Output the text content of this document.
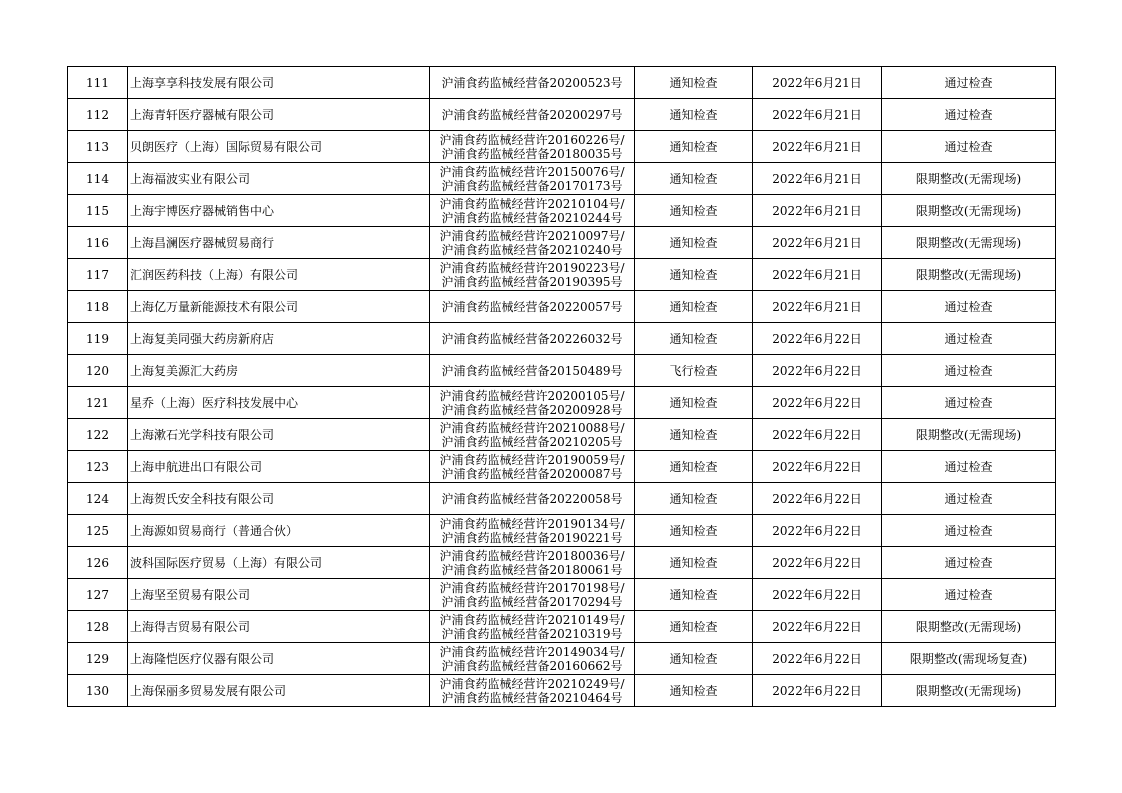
111	上海享享科技发展有限公司	沪浦食药监械经营备20200523号	通知检查	2022年6月21日	通过检查
112	上海青轩医疗器械有限公司	沪浦食药监械经营备20200297号	通知检查	2022年6月21日	通过检查
113	贝朗医疗（上海）国际贸易有限公司	沪浦食药监械经营许20160226号/
沪浦食药监械经营备20180035号	通知检查	2022年6月21日	通过检查
114	上海福波实业有限公司	沪浦食药监械经营许20150076号/
沪浦食药监械经营备20170173号	通知检查	2022年6月21日	限期整改(无需现场)
115	上海宇博医疗器械销售中心	沪浦食药监械经营许20210104号/
沪浦食药监械经营备20210244号	通知检查	2022年6月21日	限期整改(无需现场)
116	上海昌澜医疗器械贸易商行	沪浦食药监械经营许20210097号/
沪浦食药监械经营备20210240号	通知检查	2022年6月21日	限期整改(无需现场)
117	汇润医药科技（上海）有限公司	沪浦食药监械经营许20190223号/
沪浦食药监械经营备20190395号	通知检查	2022年6月21日	限期整改(无需现场)
118	上海亿万量新能源技术有限公司	沪浦食药监械经营备20220057号	通知检查	2022年6月21日	通过检查
119	上海复美同强大药房新府店	沪浦食药监械经营备20226032号	通知检查	2022年6月22日	通过检查
120	上海复美源汇大药房	沪浦食药监械经营备20150489号	飞行检查	2022年6月22日	通过检查
121	星乔（上海）医疗科技发展中心	沪浦食药监械经营许20200105号/
沪浦食药监械经营备20200928号	通知检查	2022年6月22日	通过检查
122	上海漱石光学科技有限公司	沪浦食药监械经营许20210088号/
沪浦食药监械经营备20210205号	通知检查	2022年6月22日	限期整改(无需现场)
123	上海申航进出口有限公司	沪浦食药监械经营许20190059号/
沪浦食药监械经营备20200087号	通知检查	2022年6月22日	通过检查
124	上海贺氏安全科技有限公司	沪浦食药监械经营备20220058号	通知检查	2022年6月22日	通过检查
125	上海源如贸易商行（普通合伙）	沪浦食药监械经营许20190134号/
沪浦食药监械经营备20190221号	通知检查	2022年6月22日	通过检查
126	波科国际医疗贸易（上海）有限公司	沪浦食药监械经营许20180036号/
沪浦食药监械经营备20180061号	通知检查	2022年6月22日	通过检查
127	上海坚至贸易有限公司	沪浦食药监械经营许20170198号/
沪浦食药监械经营备20170294号	通知检查	2022年6月22日	通过检查
128	上海得吉贸易有限公司	沪浦食药监械经营许20210149号/
沪浦食药监械经营备20210319号	通知检查	2022年6月22日	限期整改(无需现场)
129	上海隆恺医疗仪器有限公司	沪浦食药监械经营许20149034号/
沪浦食药监械经营备20160662号	通知检查	2022年6月22日	限期整改(需现场复查)
130	上海保丽多贸易发展有限公司	沪浦食药监械经营许20210249号/
沪浦食药监械经营备20210464号	通知检查	2022年6月22日	限期整改(无需现场)
